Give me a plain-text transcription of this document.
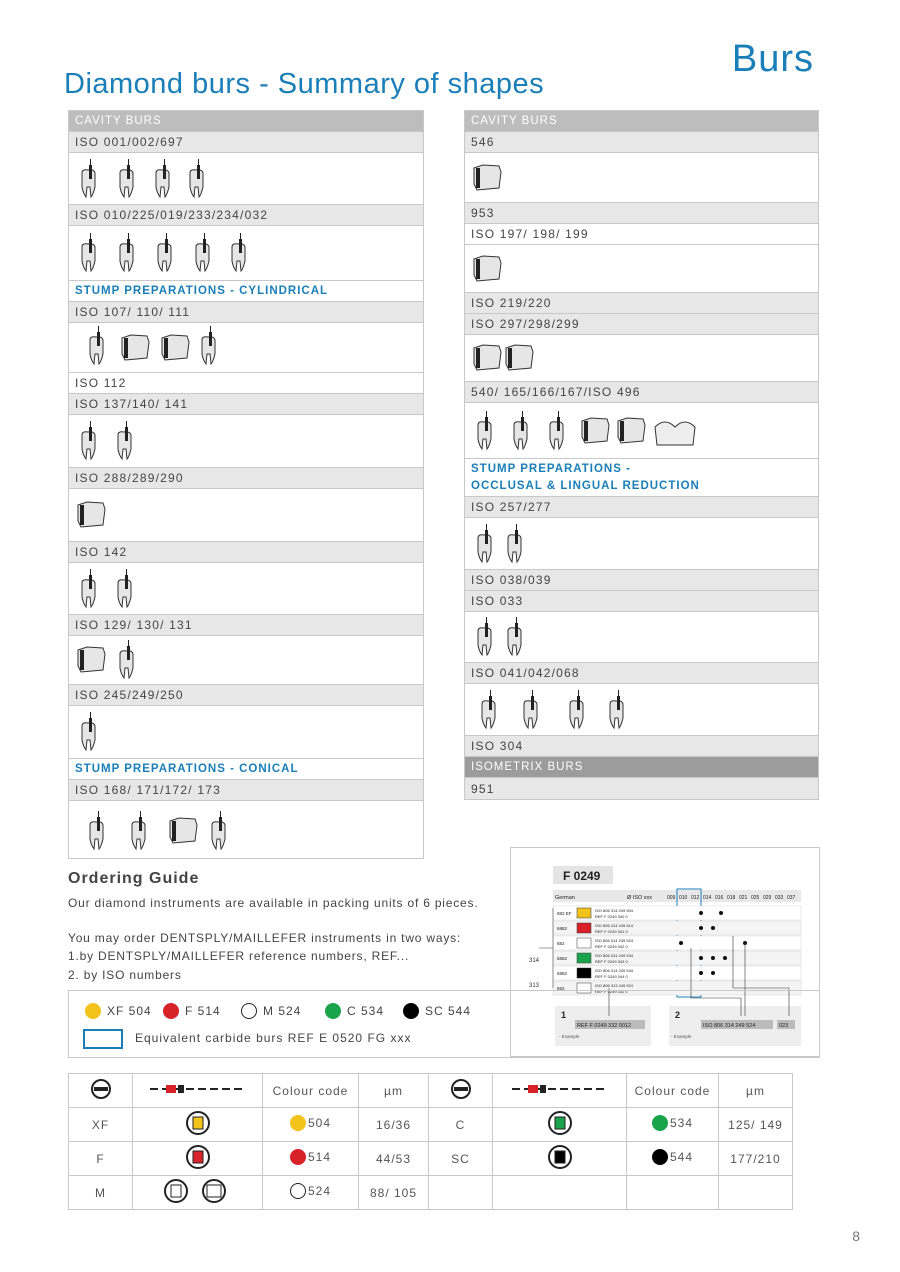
Burs
Diamond burs - Summary of shapes
CAVITY BURS
ISO 001/002/697
ISO 010/225/019/233/234/032
STUMP PREPARATIONS - CYLINDRICAL
ISO 107/ 110/ 111
ISO 112
ISO 137/140/ 141
ISO 288/289/290
ISO 142
ISO 129/ 130/ 131
ISO 245/249/250
STUMP PREPARATIONS - CONICAL
ISO 168/ 171/172/ 173
CAVITY BURS
546
953
ISO 197/ 198/ 199
ISO 219/220
ISO 297/298/299
540/ 165/166/167/ISO 496
STUMP PREPARATIONS -
OCCLUSAL & LINGUAL REDUCTION
ISO 257/277
ISO 038/039
ISO 033
ISO 041/042/068
ISO 304
ISOMETRIX BURS
951
Ordering Guide
Our diamond instruments are available in packing units of 6 pieces.
You may order DENTSPLY/MAILLEFER instruments in two ways:
1.by DENTSPLY/MAILLEFER reference numbers, REF...
2. by ISO numbers
F 0249
German	Ø ISO xxx	009 010 012 014 016 018 021 025 029 033 037
882 EF
ISO 806 314 249 504
REF F 0249 340 0
6882
ISO 806 314 249 514
REF F 0249 341 0
882
ISO 806 314 249 524
REF F 0249 342 0
5882
ISO 806 314 249 534
REF F 0249 343 0
5882
ISO 806 314 249 544
REF F 0249 344 0
882
ISO 806 313 249 524
REF F 0249 332 0
314
313
1
REF F 0249 332 0012
- Example
2
ISO 806 314 249 524	023
- Example
XF 504	F 514	M 524	C 534	SC 544
Equivalent carbide burs REF E 0520 FG xxx
		Colour code	µm			Colour code	µm
XF		504	16/36	C		534	125/ 149
F		514	44/53	SC		544	177/210
M		524	88/ 105				
8
